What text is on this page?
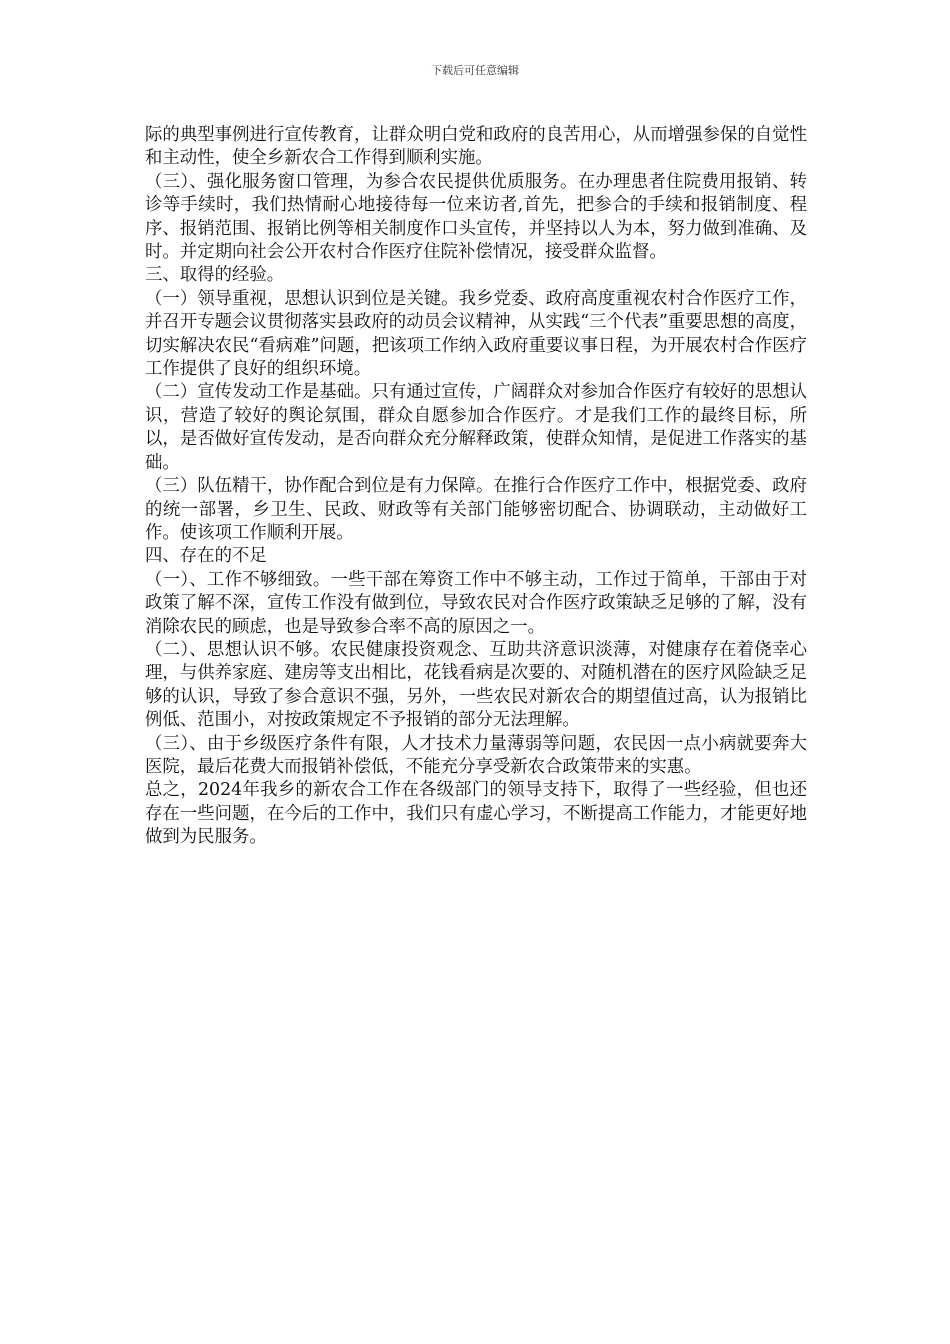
下载后可任意编辑

际的典型事例进行宣传教育，让群众明白党和政府的良苦用心，从而增强参保的自觉性和主动性，使全乡新农合工作得到顺利实施。

（三）、强化服务窗口管理，为参合农民提供优质服务。在办理患者住院费用报销、转诊等手续时，我们热情耐心地接待每一位来访者,首先，把参合的手续和报销制度、程序、报销范围、报销比例等相关制度作口头宣传，并坚持以人为本，努力做到准确、及时。并定期向社会公开农村合作医疗住院补偿情况，接受群众监督。

三、取得的经验。

（一）领导重视，思想认识到位是关键。我乡党委、政府高度重视农村合作医疗工作，并召开专题会议贯彻落实县政府的动员会议精神，从实践“三个代表”重要思想的高度，切实解决农民“看病难”问题，把该项工作纳入政府重要议事日程，为开展农村合作医疗工作提供了良好的组织环境。

（二）宣传发动工作是基础。只有通过宣传，广阔群众对参加合作医疗有较好的思想认识，营造了较好的舆论氛围，群众自愿参加合作医疗。才是我们工作的最终目标，所以，是否做好宣传发动，是否向群众充分解释政策，使群众知情，是促进工作落实的基础。

（三）队伍精干，协作配合到位是有力保障。在推行合作医疗工作中，根据党委、政府的统一部署，乡卫生、民政、财政等有关部门能够密切配合、协调联动，主动做好工作。使该项工作顺利开展。

四、存在的不足

（一）、工作不够细致。一些干部在筹资工作中不够主动，工作过于简单，干部由于对政策了解不深，宣传工作没有做到位，导致农民对合作医疗政策缺乏足够的了解，没有消除农民的顾虑，也是导致参合率不高的原因之一。

（二）、思想认识不够。农民健康投资观念、互助共济意识淡薄，对健康存在着侥幸心理，与供养家庭、建房等支出相比，花钱看病是次要的、对随机潜在的医疗风险缺乏足够的认识，导致了参合意识不强，另外，一些农民对新农合的期望值过高，认为报销比例低、范围小，对按政策规定不予报销的部分无法理解。

（三）、由于乡级医疗条件有限，人才技术力量薄弱等问题，农民因一点小病就要奔大医院，最后花费大而报销补偿低，不能充分享受新农合政策带来的实惠。

总之，2024年我乡的新农合工作在各级部门的领导支持下，取得了一些经验，但也还存在一些问题，在今后的工作中，我们只有虚心学习，不断提高工作能力，才能更好地做到为民服务。
